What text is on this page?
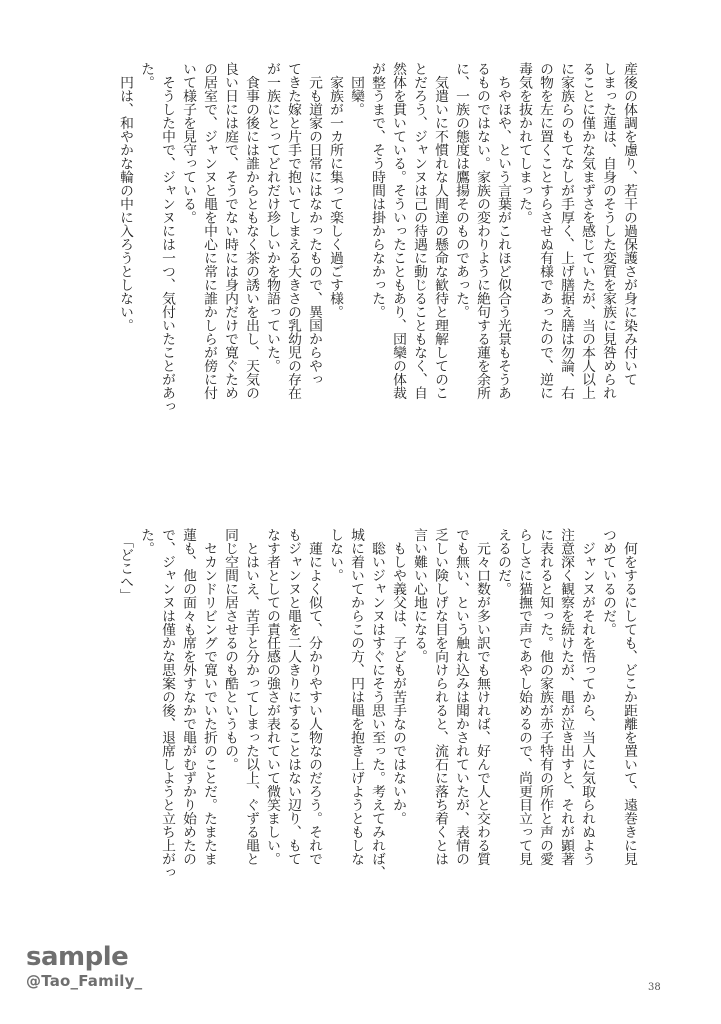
産後の体調を慮り、若干の過保護さが身に染み付いて
しまった蓮は、自身のそうした変質を家族に見咎められ
ることに僅かな気まずさを感じていたが、当の本人以上
に家族らのもてなしが手厚く、上げ膳据え膳は勿論、右
の物を左に置くことすらさせぬ有様であったので、逆に
毒気を抜かれてしまった。
　ちやほや、という言葉がこれほど似合う光景もそうあ
るものではない。家族の変わりように絶句する蓮を余所
に、一族の態度は鷹揚そのものであった。
　気遣いに不慣れな人間達の懸命な歓待と理解してのこ
とだろう、ジャンヌは己の待遇に動じることもなく、自
然体を貫いている。そういったこともあり、団欒の体裁
が整うまで、そう時間は掛からなかった。
　団欒。
　家族が一カ所に集って楽しく過ごす様。
　元も道家の日常にはなかったもので、異国からやっ
てきた嫁と片手で抱いてしまえる大きさの乳幼児の存在
が一族にとってどれだけ珍しいかを物語っていた。
　食事の後には誰からともなく茶の誘いを出し、天気の
良い日には庭で、そうでない時には身内だけで寛ぐため
の居室で、ジャンヌと黽を中心に常に誰かしらが傍に付
いて様子を見守っている。
　そうした中で、ジャンヌには一つ、気付いたことがあっ
た。
　円は、和やかな輪の中に入ろうとしない。
　何をするにしても、どこか距離を置いて、遠巻きに見
つめているのだ。
　ジャンヌがそれを悟ってから、当人に気取られぬよう
注意深く観察を続けたが、黽が泣き出すと、それが顕著
に表れると知った。他の家族が赤子特有の所作と声の愛
らしさに猫撫で声であやし始めるので、尚更目立って見
えるのだ。
　元々口数が多い訳でも無ければ、好んで人と交わる質
でも無い、という触れ込みは聞かされていたが、表情の
乏しい険しげな目を向けられると、流石に落ち着くとは
言い難い心地になる。
　もしや義父は、子どもが苦手なのではないか。
　聡いジャンヌはすぐにそう思い至った。考えてみれば、
城に着いてからこの方、円は黽を抱き上げようともしな
しない。
　蓮によく似て、分かりやすい人物なのだろう。それで
もジャンヌと黽を二人きりにすることはない辺り、もて
なす者としての責任感の強さが表れていて微笑ましい。
　とはいえ、苦手と分かってしまった以上、ぐずる黽と
同じ空間に居させるのも酷というもの。
　セカンドリビングで寛いでいた折のことだ。たまたま
蓮も、他の面々も席を外すなかで黽がむずかり始めたの
で、ジャンヌは僅かな思案の後、退席しようと立ち上がっ
た。
　「どこへ」
38
sample
@Tao_Family_
